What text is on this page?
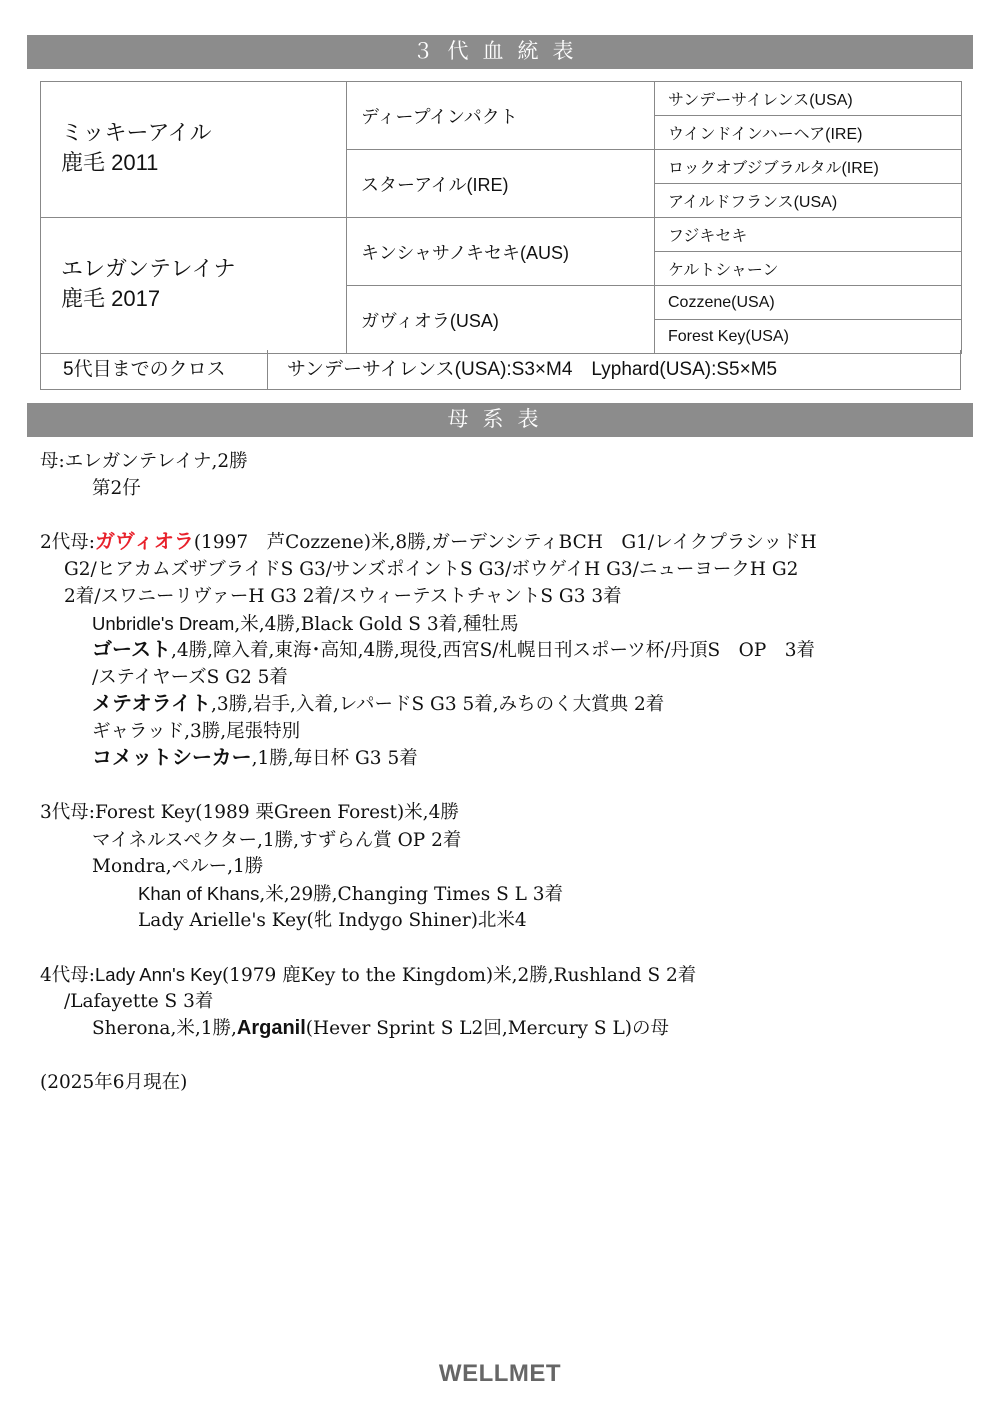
３代血統表
ミッキーアイル
鹿毛 2011	ディープインパクト	サンデーサイレンス(USA)
		ウインドインハーヘア(IRE)
	スターアイル(IRE)	ロックオブジブラルタル(IRE)
		アイルドフランス(USA)

エレガンテレイナ
鹿毛 2017	キンシャサノキセキ(AUS)	フジキセキ
		ケルトシャーン
	ガヴィオラ(USA)	Cozzene(USA)
		Forest Key(USA)
5代目までのクロス	サンデーサイレンス(USA):S3×M4　Lyphard(USA):S5×M5
母系表
母:エレガンテレイナ,2勝
第2仔
2代母:ガヴィオラ(1997　芦Cozzene)米,8勝,ガーデンシティBCH　G1/レイクプラシッドH
G2/ヒアカムズザブライドS G3/サンズポイントS G3/ボウゲイH G3/ニューヨークH G2
2着/スワニーリヴァーH G3 2着/スウィーテストチャントS G3 3着
Unbridle's Dream,米,4勝,Black Gold S 3着,種牡馬
ゴースト,4勝,障入着,東海･高知,4勝,現役,西宮S/札幌日刊スポーツ杯/丹頂S　OP　3着
/ステイヤーズS G2 5着
メテオライト,3勝,岩手,入着,レパードS G3 5着,みちのく大賞典 2着
ギャラッド,3勝,尾張特別
コメットシーカー,1勝,毎日杯 G3 5着
3代母:Forest Key(1989 栗Green Forest)米,4勝
マイネルスペクター,1勝,すずらん賞 OP 2着
Mondra,ペルー,1勝
Khan of Khans,米,29勝,Changing Times S L 3着
Lady Arielle's Key(牝 Indygo Shiner)北米4
4代母:Lady Ann's Key(1979 鹿Key to the Kingdom)米,2勝,Rushland S 2着
/Lafayette S 3着
Sherona,米,1勝,Arganil(Hever Sprint S L2回,Mercury S L)の母
(2025年6月現在)
WELLMET
